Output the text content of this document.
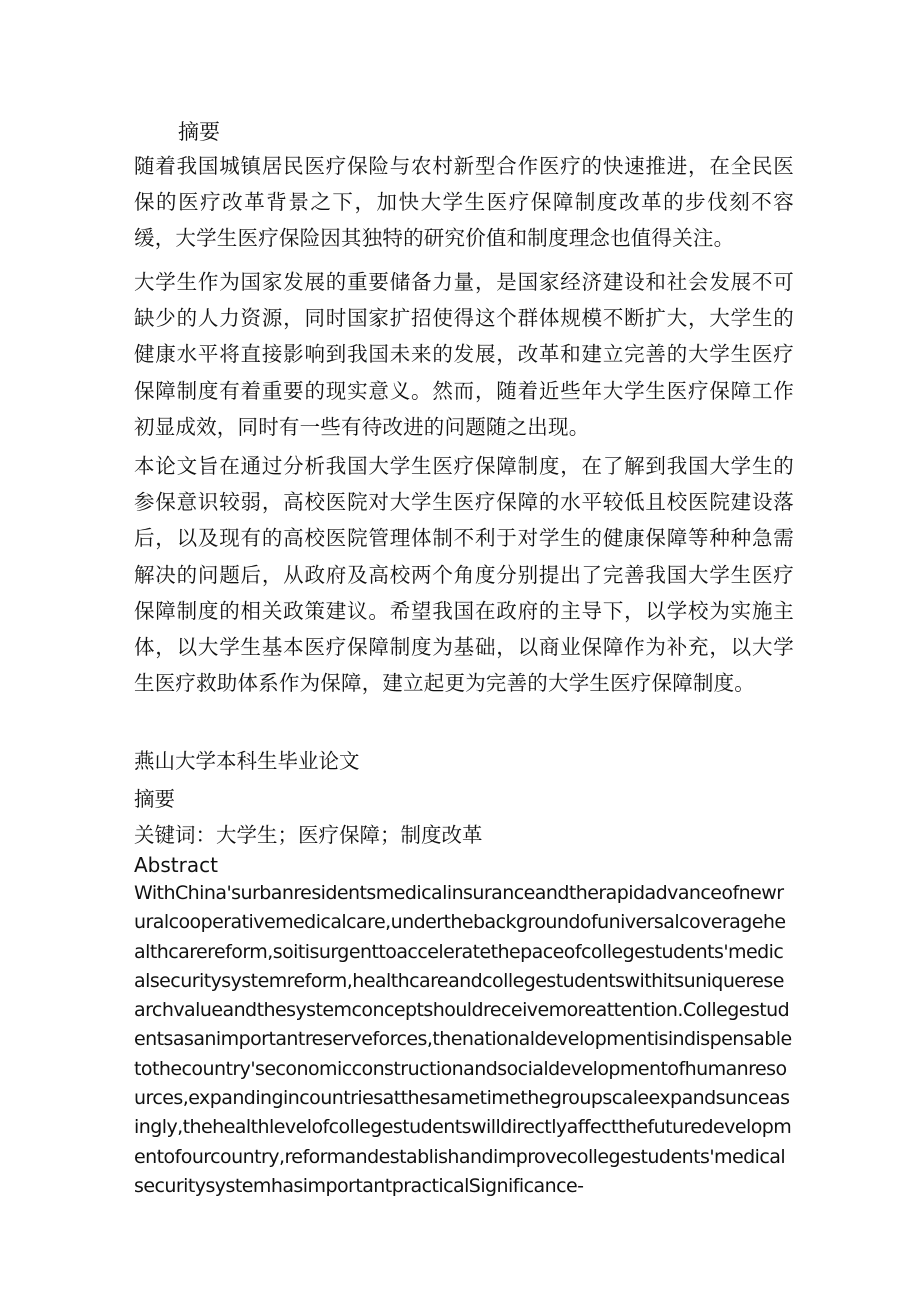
摘要

随着我国城镇居民医疗保险与农村新型合作医疗的快速推进，在全民医保的医疗改革背景之下，加快大学生医疗保障制度改革的步伐刻不容缓，大学生医疗保险因其独特的研究价值和制度理念也值得关注。

大学生作为国家发展的重要储备力量，是国家经济建设和社会发展不可缺少的人力资源，同时国家扩招使得这个群体规模不断扩大，大学生的健康水平将直接影响到我国未来的发展，改革和建立完善的大学生医疗保障制度有着重要的现实意义。然而，随着近些年大学生医疗保障工作初显成效，同时有一些有待改进的问题随之出现。

本论文旨在通过分析我国大学生医疗保障制度，在了解到我国大学生的参保意识较弱，高校医院对大学生医疗保障的水平较低且校医院建设落后，以及现有的高校医院管理体制不利于对学生的健康保障等种种急需解决的问题后，从政府及高校两个角度分别提出了完善我国大学生医疗保障制度的相关政策建议。希望我国在政府的主导下，以学校为实施主体，以大学生基本医疗保障制度为基础，以商业保障作为补充，以大学生医疗救助体系作为保障，建立起更为完善的大学生医疗保障制度。

燕山大学本科生毕业论文
摘要
关键词：大学生；医疗保障；制度改革
Abstract

WithChina'surbanresidentsmedicalinsuranceandtherapidadvanceofnewruralcooperativemedicalcare,underthebackgroundofuniversalcoveragehealthcarereform,soitisurgenttoacceleratethepaceofcollegestudents'medicalsecuritysystemreform,healthcareandcollegestudentswithitsuniqueresearchvalueandthesystemconceptshouldreceivemoreattention.Collegestudentsasanimportantreserveforces,thenationaldevelopmentisindispensabletothecountry'seconomicconstructionandsocialdevelopmentofhumanresources,expandingincountriesatthesametimethegroupscaleexpandsunceasingly,thehealthlevelofcollegestudentswilldirectlyaffectthefuturedevelopmentofourcountry,reformandestablishandimprovecollegestudents'medicalsecuritysystemhasimportantpracticalSignificance-
